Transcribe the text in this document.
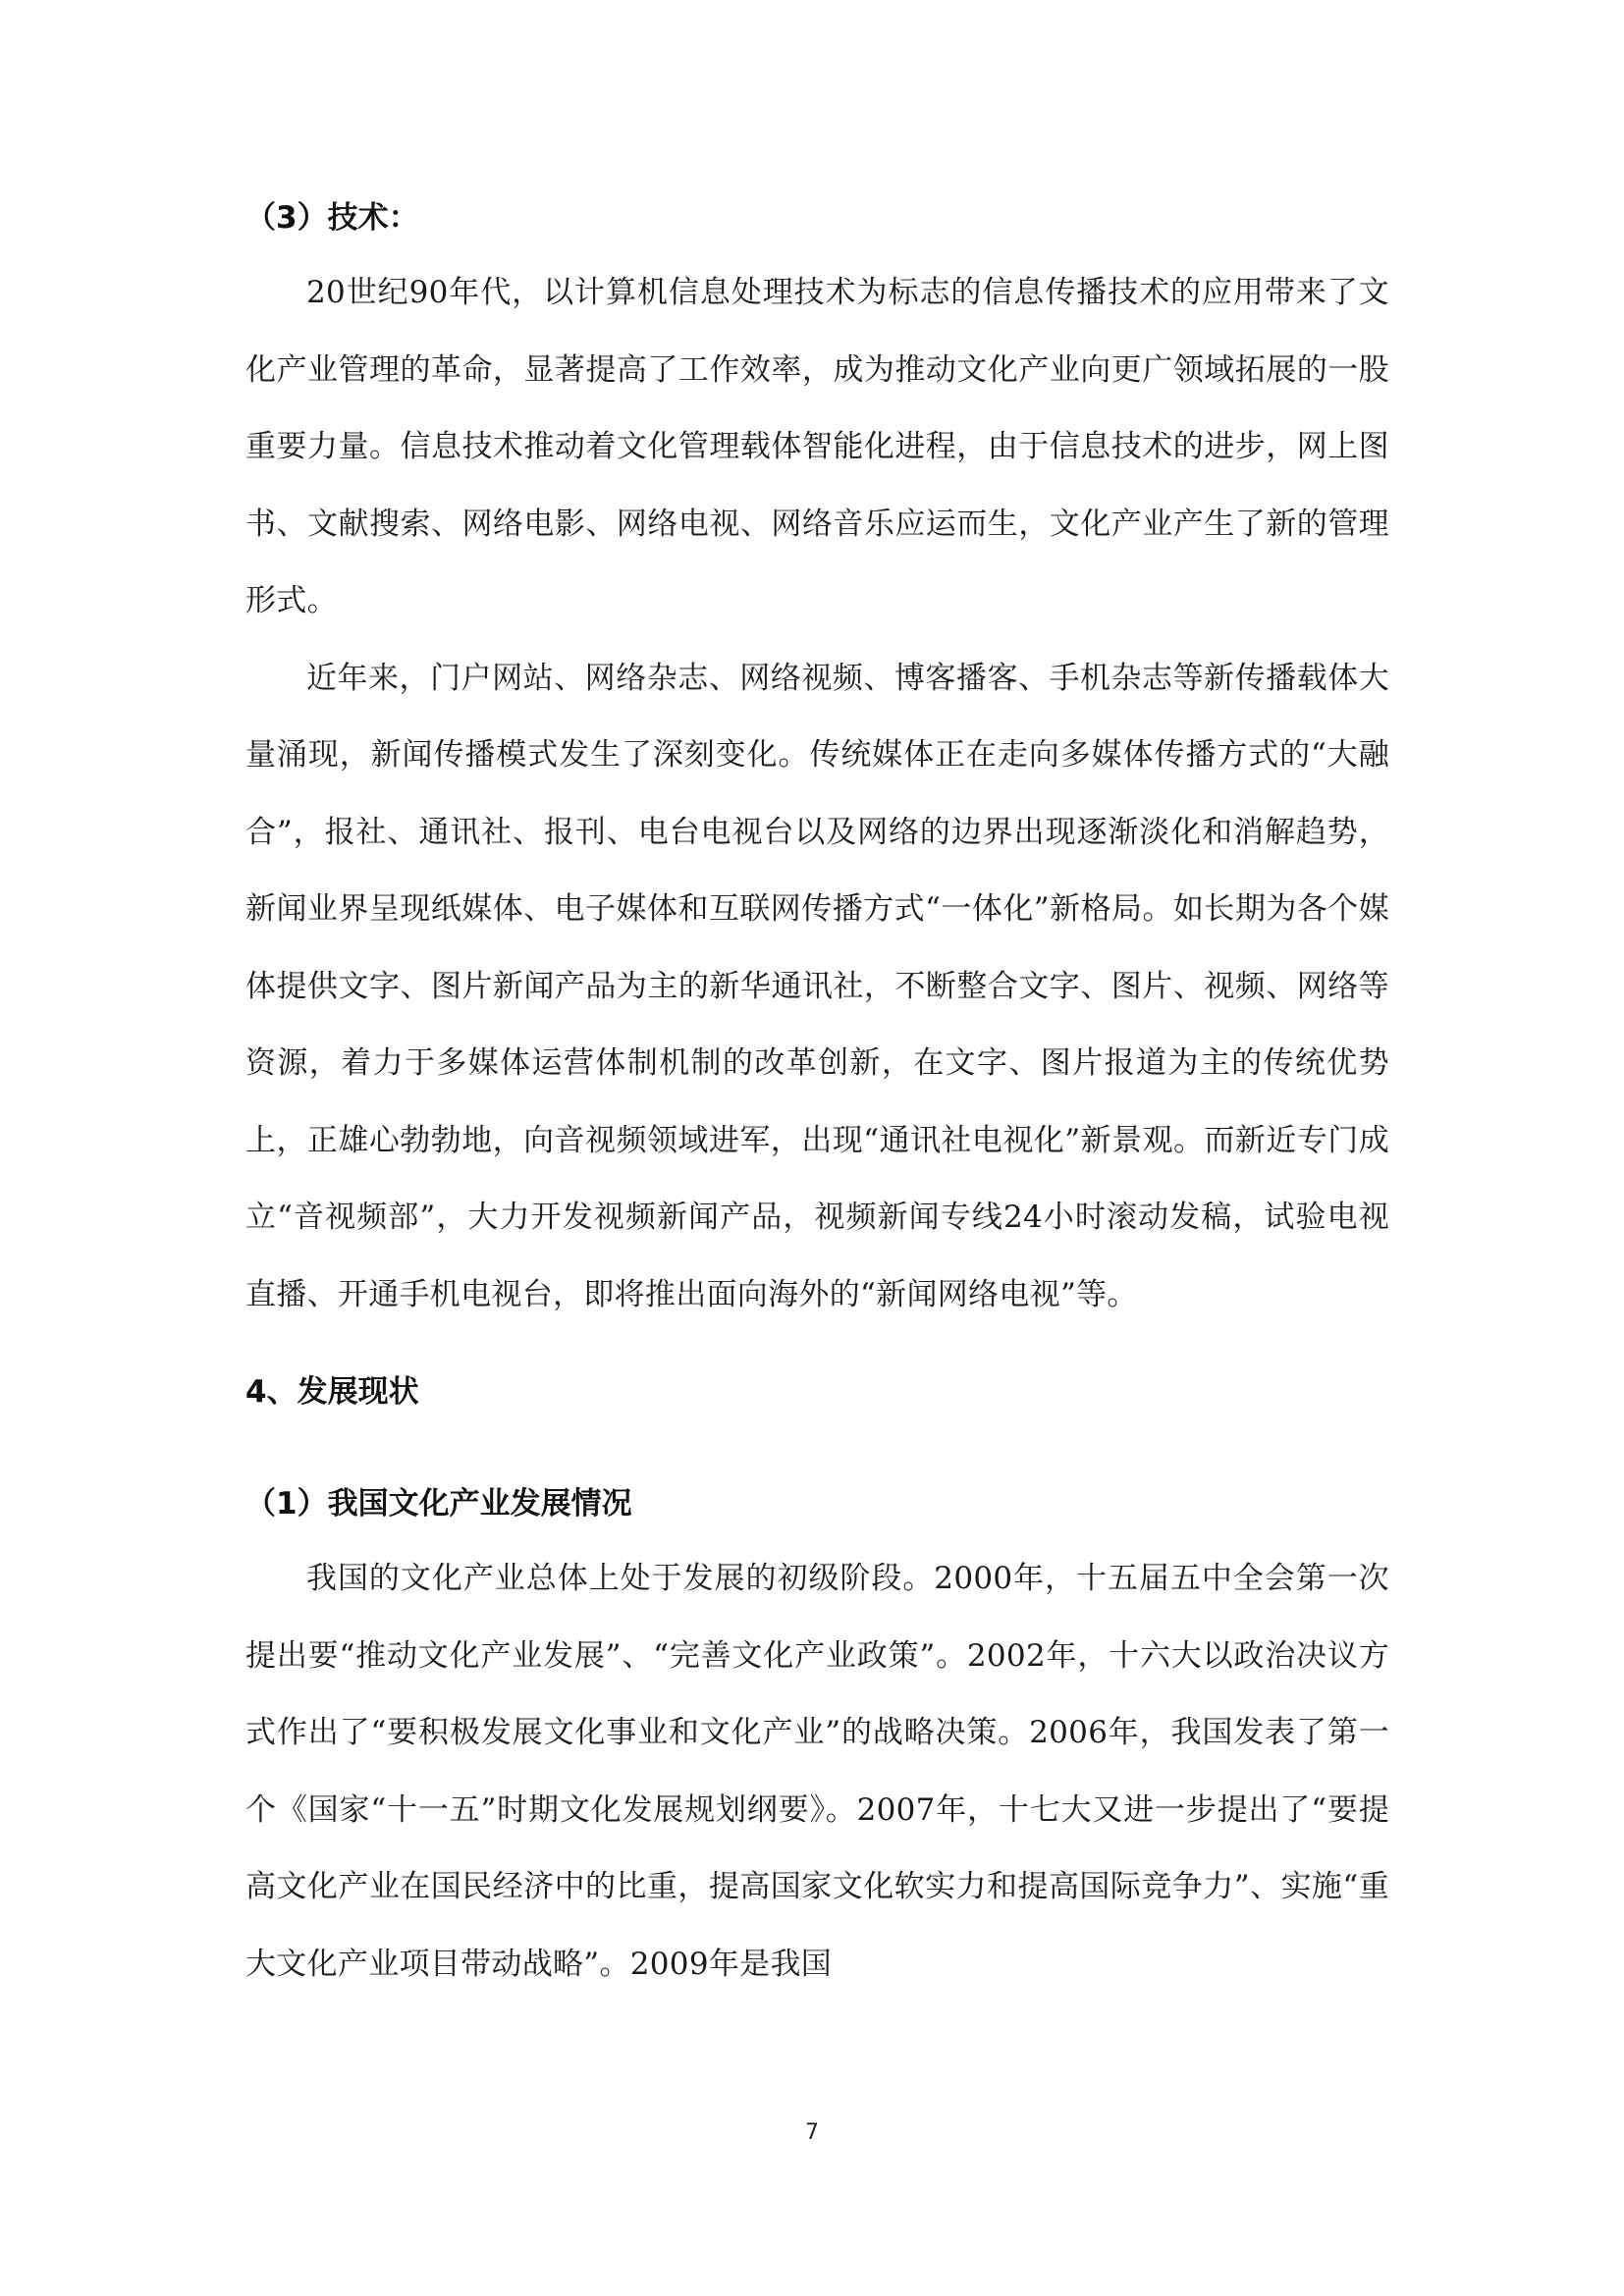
（3）技术：

20世纪90年代，以计算机信息处理技术为标志的信息传播技术的应用带来了文化产业管理的革命，显著提高了工作效率，成为推动文化产业向更广领域拓展的一股重要力量。信息技术推动着文化管理载体智能化进程，由于信息技术的进步，网上图书、文献搜索、网络电影、网络电视、网络音乐应运而生，文化产业产生了新的管理形式。

近年来，门户网站、网络杂志、网络视频、博客播客、手机杂志等新传播载体大量涌现，新闻传播模式发生了深刻变化。传统媒体正在走向多媒体传播方式的“大融合”，报社、通讯社、报刊、电台电视台以及网络的边界出现逐渐淡化和消解趋势，新闻业界呈现纸媒体、电子媒体和互联网传播方式“一体化”新格局。如长期为各个媒体提供文字、图片新闻产品为主的新华通讯社，不断整合文字、图片、视频、网络等资源，着力于多媒体运营体制机制的改革创新，在文字、图片报道为主的传统优势上，正雄心勃勃地，向音视频领域进军，出现“通讯社电视化”新景观。而新近专门成立“音视频部”，大力开发视频新闻产品，视频新闻专线24小时滚动发稿，试验电视直播、开通手机电视台，即将推出面向海外的“新闻网络电视”等。

4、发展现状
（1）我国文化产业发展情况

我国的文化产业总体上处于发展的初级阶段。2000年，十五届五中全会第一次提出要“推动文化产业发展”、“完善文化产业政策”。2002年，十六大以政治决议方式作出了“要积极发展文化事业和文化产业”的战略决策。2006年，我国发表了第一个《国家“十一五”时期文化发展规划纲要》。2007年，十七大又进一步提出了“要提高文化产业在国民经济中的比重，提高国家文化软实力和提高国际竞争力”、实施“重大文化产业项目带动战略”。2009年是我国

7
